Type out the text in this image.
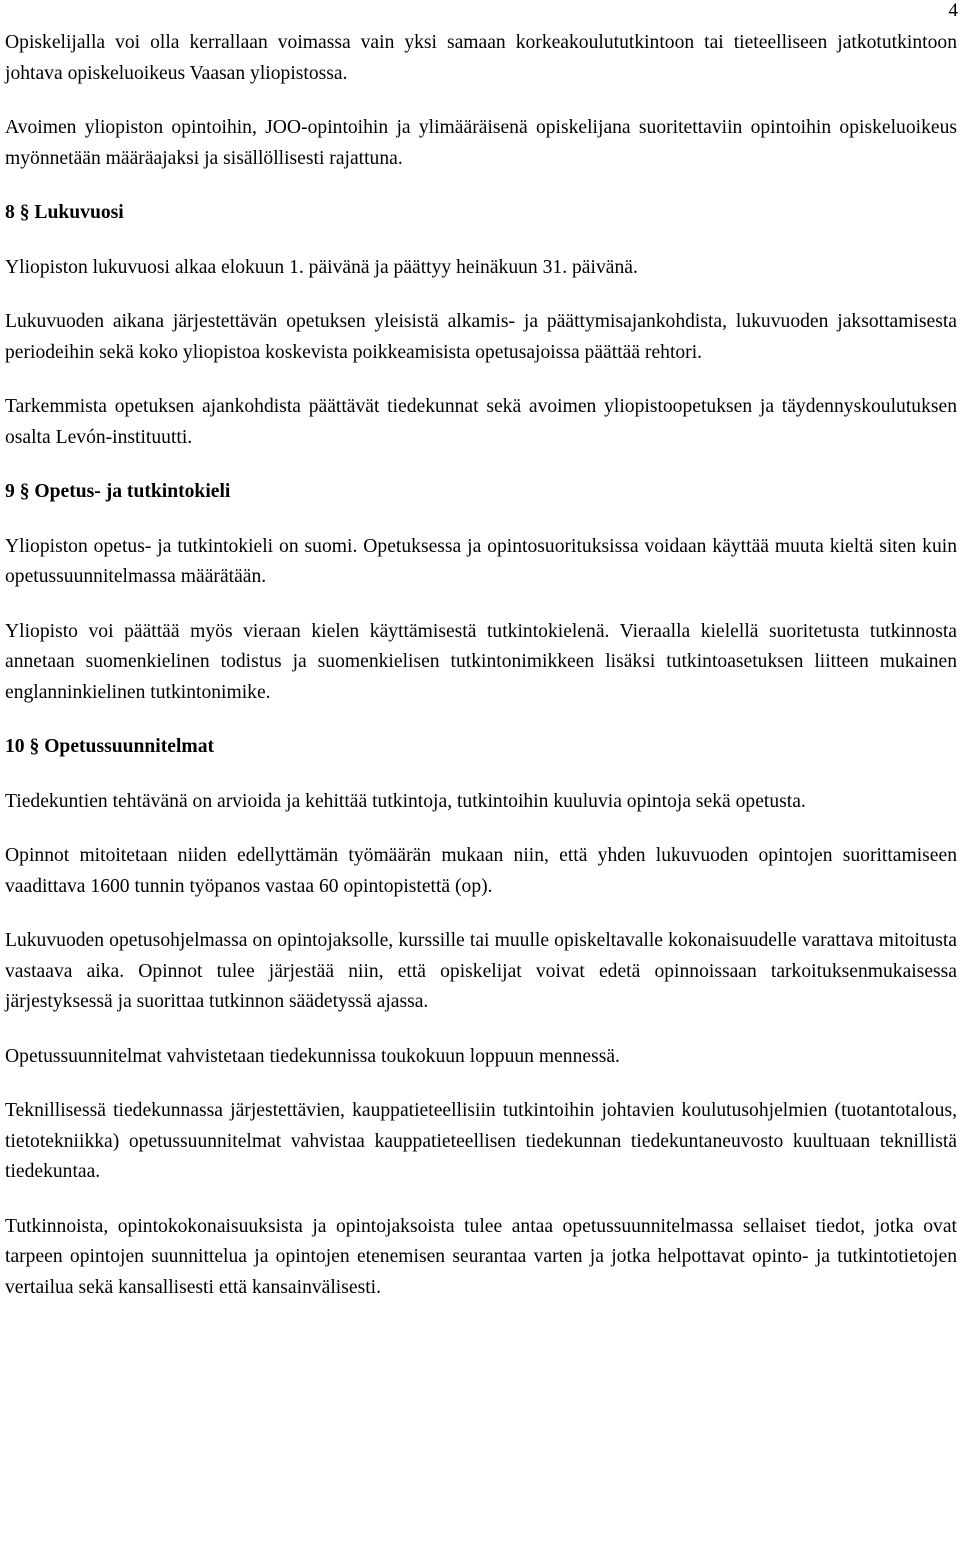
4

Opiskelijalla voi olla kerrallaan voimassa vain yksi samaan korkeakoulututkintoon tai tieteelliseen jatkotutkintoon johtava opiskeluoikeus Vaasan yliopistossa.

Avoimen yliopiston opintoihin, JOO-opintoihin ja ylimääräisenä opiskelijana suoritettaviin opintoihin opiskeluoikeus myönnetään määräajaksi ja sisällöllisesti rajattuna.

8 § Lukuvuosi

Yliopiston lukuvuosi alkaa elokuun 1. päivänä ja päättyy heinäkuun 31. päivänä.

Lukuvuoden aikana järjestettävän opetuksen yleisistä alkamis- ja päättymisajankohdista, lukuvuoden jaksottamisesta periodeihin sekä koko yliopistoa koskevista poikkeamisista opetusajoissa päättää rehtori.

Tarkemmista opetuksen ajankohdista päättävät tiedekunnat sekä avoimen yliopistoopetuksen ja täydennyskoulutuksen osalta Levón-instituutti.

9 § Opetus- ja tutkintokieli

Yliopiston opetus- ja tutkintokieli on suomi. Opetuksessa ja opintosuorituksissa voidaan käyttää muuta kieltä siten kuin opetussuunnitelmassa määrätään.

Yliopisto voi päättää myös vieraan kielen käyttämisestä tutkintokielenä. Vieraalla kielellä suoritetusta tutkinnosta annetaan suomenkielinen todistus ja suomenkielisen tutkintonimikkeen lisäksi tutkintoasetuksen liitteen mukainen englanninkielinen tutkintonimike.

10 § Opetussuunnitelmat

Tiedekuntien tehtävänä on arvioida ja kehittää tutkintoja, tutkintoihin kuuluvia opintoja sekä opetusta.

Opinnot mitoitetaan niiden edellyttämän työmäärän mukaan niin, että yhden lukuvuoden opintojen suorittamiseen vaadittava 1600 tunnin työpanos vastaa 60 opintopistettä (op).

Lukuvuoden opetusohjelmassa on opintojaksolle, kurssille tai muulle opiskeltavalle kokonaisuudelle varattava mitoitusta vastaava aika. Opinnot tulee järjestää niin, että opiskelijat voivat edetä opinnoissaan tarkoituksenmukaisessa järjestyksessä ja suorittaa tutkinnon säädetyssä ajassa.

Opetussuunnitelmat vahvistetaan tiedekunnissa toukokuun loppuun mennessä.

Teknillisessä tiedekunnassa järjestettävien, kauppatieteellisiin tutkintoihin johtavien koulutusohjelmien (tuotantotalous, tietotekniikka) opetussuunnitelmat vahvistaa kauppatieteellisen tiedekunnan tiedekuntaneuvosto kuultuaan teknillistä tiedekuntaa.

Tutkinnoista, opintokokonaisuuksista ja opintojaksoista tulee antaa opetussuunnitelmassa sellaiset tiedot, jotka ovat tarpeen opintojen suunnittelua ja opintojen etenemisen seurantaa varten ja jotka helpottavat opinto- ja tutkintotietojen vertailua sekä kansallisesti että kansainvälisesti.
